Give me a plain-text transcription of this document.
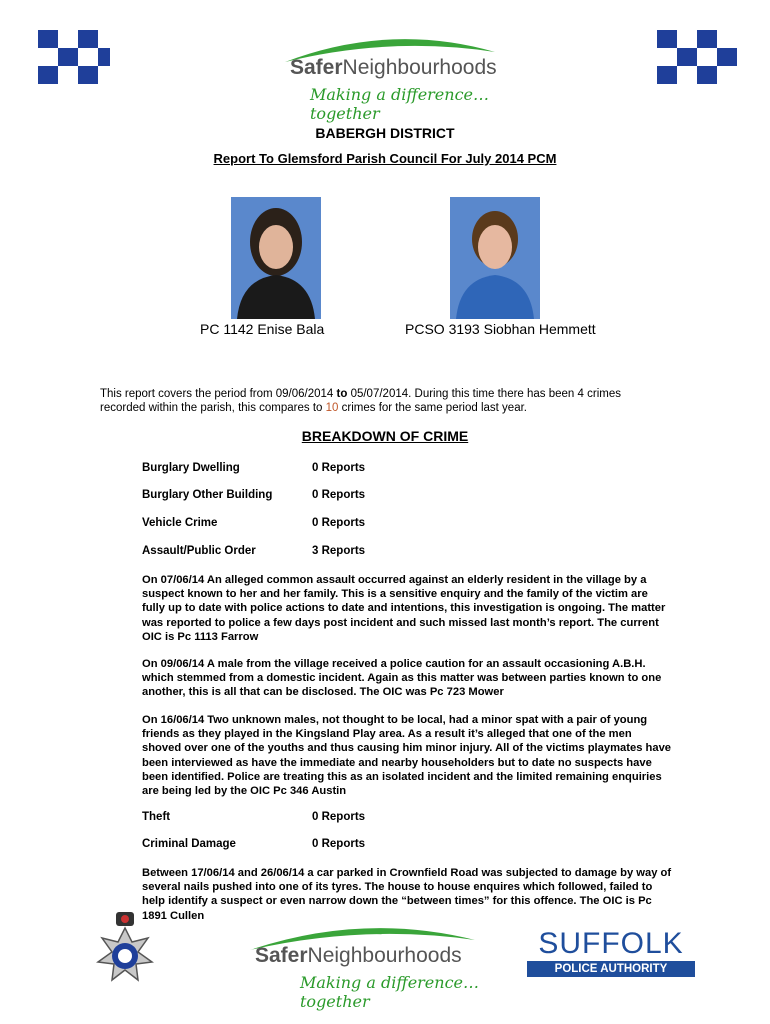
SaferNeighbourhoods
Making a difference…together
BABERGH DISTRICT
Report To Glemsford Parish Council For July 2014 PCM
PC 1142 Enise Bala	PCSO 3193 Siobhan Hemmett
This report covers the period from 09/06/2014 to 05/07/2014. During this time there has been 4 crimes recorded within the parish, this compares to 10 crimes for the same period last year.
BREAKDOWN OF CRIME
Burglary Dwelling	0 Reports
Burglary Other Building	0 Reports
Vehicle Crime	0 Reports
Assault/Public Order	3 Reports
On 07/06/14 An alleged common assault occurred against an elderly resident in the village by a suspect known to her and her family. This is a sensitive enquiry and the family of the victim are fully up to date with police actions to date and intentions, this investigation is ongoing. The matter was reported to police a few days post incident and such missed last month’s report. The current OIC is Pc 1113 Farrow
On 09/06/14 A male from the village received a police caution for an assault occasioning A.B.H. which stemmed from a domestic incident. Again as this matter was between parties known to one another, this is all that can be disclosed. The OIC was Pc 723 Mower
On 16/06/14 Two unknown males, not thought to be local, had a minor spat with a pair of young friends as they played in the Kingsland Play area. As a result it’s alleged that one of the men shoved over one of the youths and thus causing him minor injury. All of the victims playmates have been interviewed as have the immediate and nearby householders but to date no suspects have been identified. Police are treating this as an isolated incident and the limited remaining enquiries are being led by the OIC Pc 346 Austin
Theft	0 Reports
Criminal Damage	0 Reports
Between 17/06/14 and 26/06/14 a car parked in Crownfield Road was subjected to damage by way of several nails pushed into one of its tyres. The house to house enquires which followed, failed to help identify a suspect or even narrow down the “between times” for this offence. The OIC is Pc 1891 Cullen
SaferNeighbourhoods
Making a difference…together
SUFFOLK
POLICE AUTHORITY
